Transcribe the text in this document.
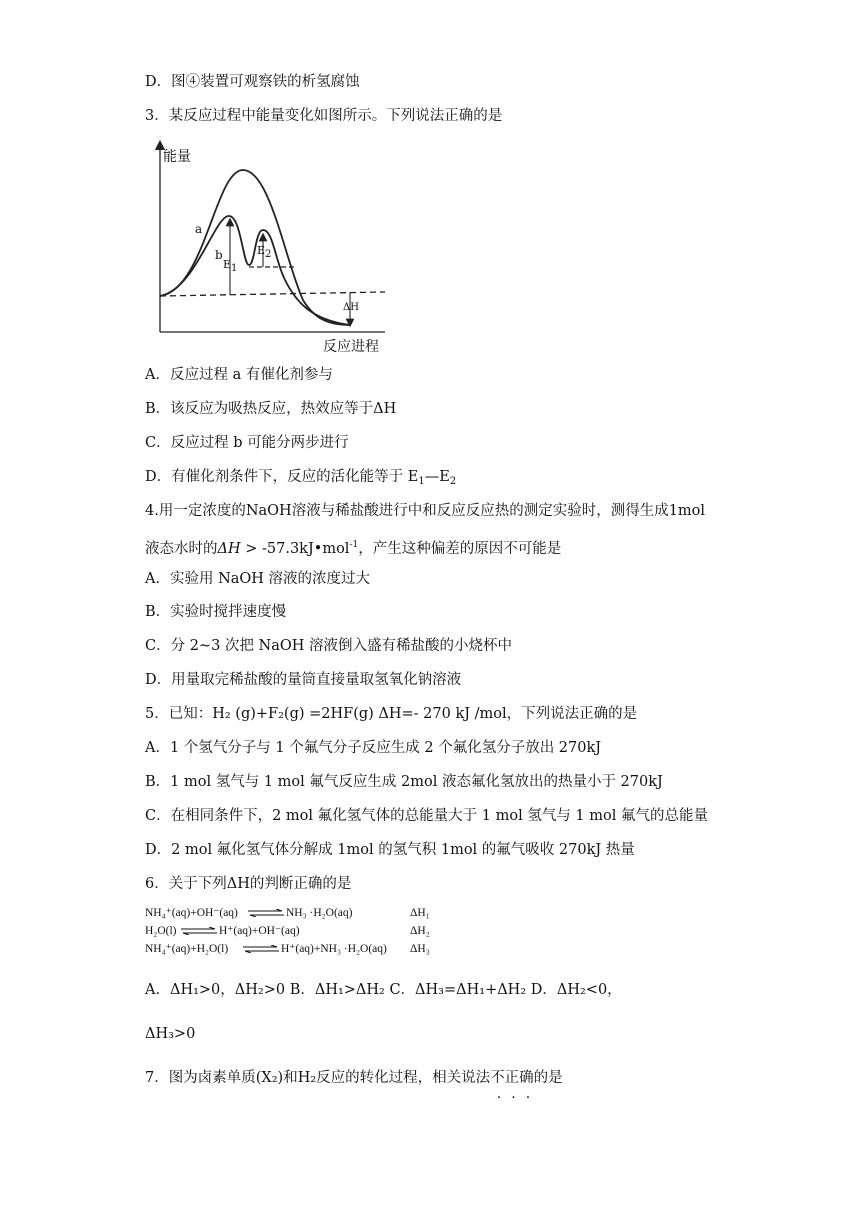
D．图④装置可观察铁的析氢腐蚀
3．某反应过程中能量变化如图所示。下列说法正确的是
能量
反应进程
a
b
E1
E2
ΔH
A．反应过程 a 有催化剂参与
B．该反应为吸热反应，热效应等于ΔH
C．反应过程 b 可能分两步进行
D．有催化剂条件下，反应的活化能等于 $E_1—E_2$
4.用一定浓度的NaOH溶液与稀盐酸进行中和反应反应热的测定实验时，测得生成1mol
液态水时的ΔH > -57.3kJ•mol$^{-1}$，产生这种偏差的原因不可能是
A．实验用 NaOH 溶液的浓度过大
B．实验时搅拌速度慢
C．分 2~3 次把 NaOH 溶液倒入盛有稀盐酸的小烧杯中
D．用量取完稀盐酸的量筒直接量取氢氧化钠溶液
5．已知：H₂ (g)+F₂(g) =2HF(g) ΔH=- 270 kJ /mol，下列说法正确的是
A．1 个氢气分子与 1 个氟气分子反应生成 2 个氟化氢分子放出 270kJ
B．1 mol 氢气与 1 mol 氟气反应生成 2mol 液态氟化氢放出的热量小于 270kJ
C．在相同条件下，2 mol 氟化氢气体的总能量大于 1 mol 氢气与 1 mol 氟气的总能量
D．2 mol 氟化氢气体分解成 1mol 的氢气积 1mol 的氟气吸收 270kJ 热量
6．关于下列ΔH的判断正确的是
NH₄⁺(aq)+OH⁻(aq)	NH₃ ·H₂O(aq)	ΔH₁
H₂O(l)	H⁺(aq)+OH⁻(aq)	ΔH₂
NH₄⁺(aq)+H₂O(l)	H⁺(aq)+NH₃ ·H₂O(aq)	ΔH₃
A．ΔH₁>0，ΔH₂>0 B．ΔH₁>ΔH₂ C．ΔH₃=ΔH₁+ΔH₂ D．ΔH₂<0，
ΔH₃>0
7．图为卤素单质(X₂)和H₂反应的转化过程，相关说法不正确的是
